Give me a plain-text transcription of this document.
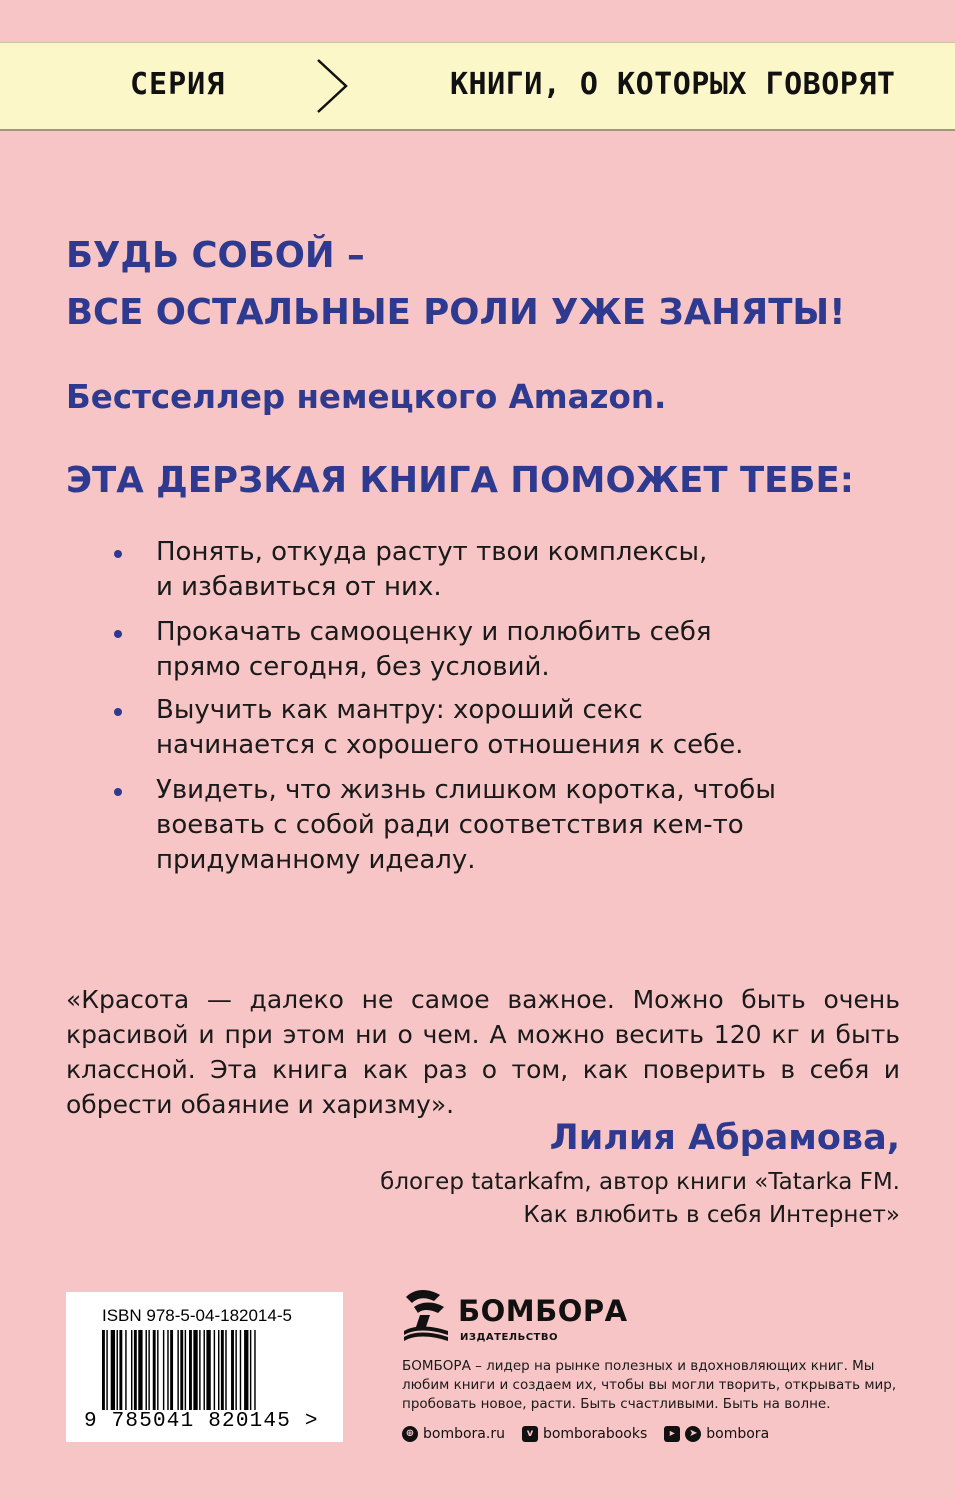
СЕРИЯ	КНИГИ, О КОТОРЫХ ГОВОРЯТ
БУДЬ СОБОЙ –
ВСЕ ОСТАЛЬНЫЕ РОЛИ УЖЕ ЗАНЯТЫ!
Бестселлер немецкого Amazon.
ЭТА ДЕРЗКАЯ КНИГА ПОМОЖЕТ ТЕБЕ:
Понять, откуда растут твои комплексы,
и избавиться от них.
Прокачать самооценку и полюбить себя
прямо сегодня, без условий.
Выучить как мантру: хороший секс
начинается с хорошего отношения к себе.
Увидеть, что жизнь слишком коротка, чтобы
воевать с собой ради соответствия кем-то
придуманному идеалу.
«Красота — далеко не самое важное. Можно быть очень красивой и при этом ни о чем. А можно весить 120 кг и быть классной. Эта книга как раз о том, как поверить в себя и обрести обаяние и харизму».
Лилия Абрамова,
блогер tatarkafm, автор книги «Tatarka FM.
Как влюбить в себя Интернет»
ISBN 978-5-04-182014-5
9 785041 820145 >
БОМБОРА
ИЗДАТЕЛЬСТВО
БОМБОРА – лидер на рынке полезных и вдохновляющих книг. Мы любим книги и создаем их, чтобы вы могли творить, открывать мир, пробовать новое, расти. Быть счастливыми. Быть на волне.
⊕ bombora.ru	v bomborabooks	▸	➤ bombora
